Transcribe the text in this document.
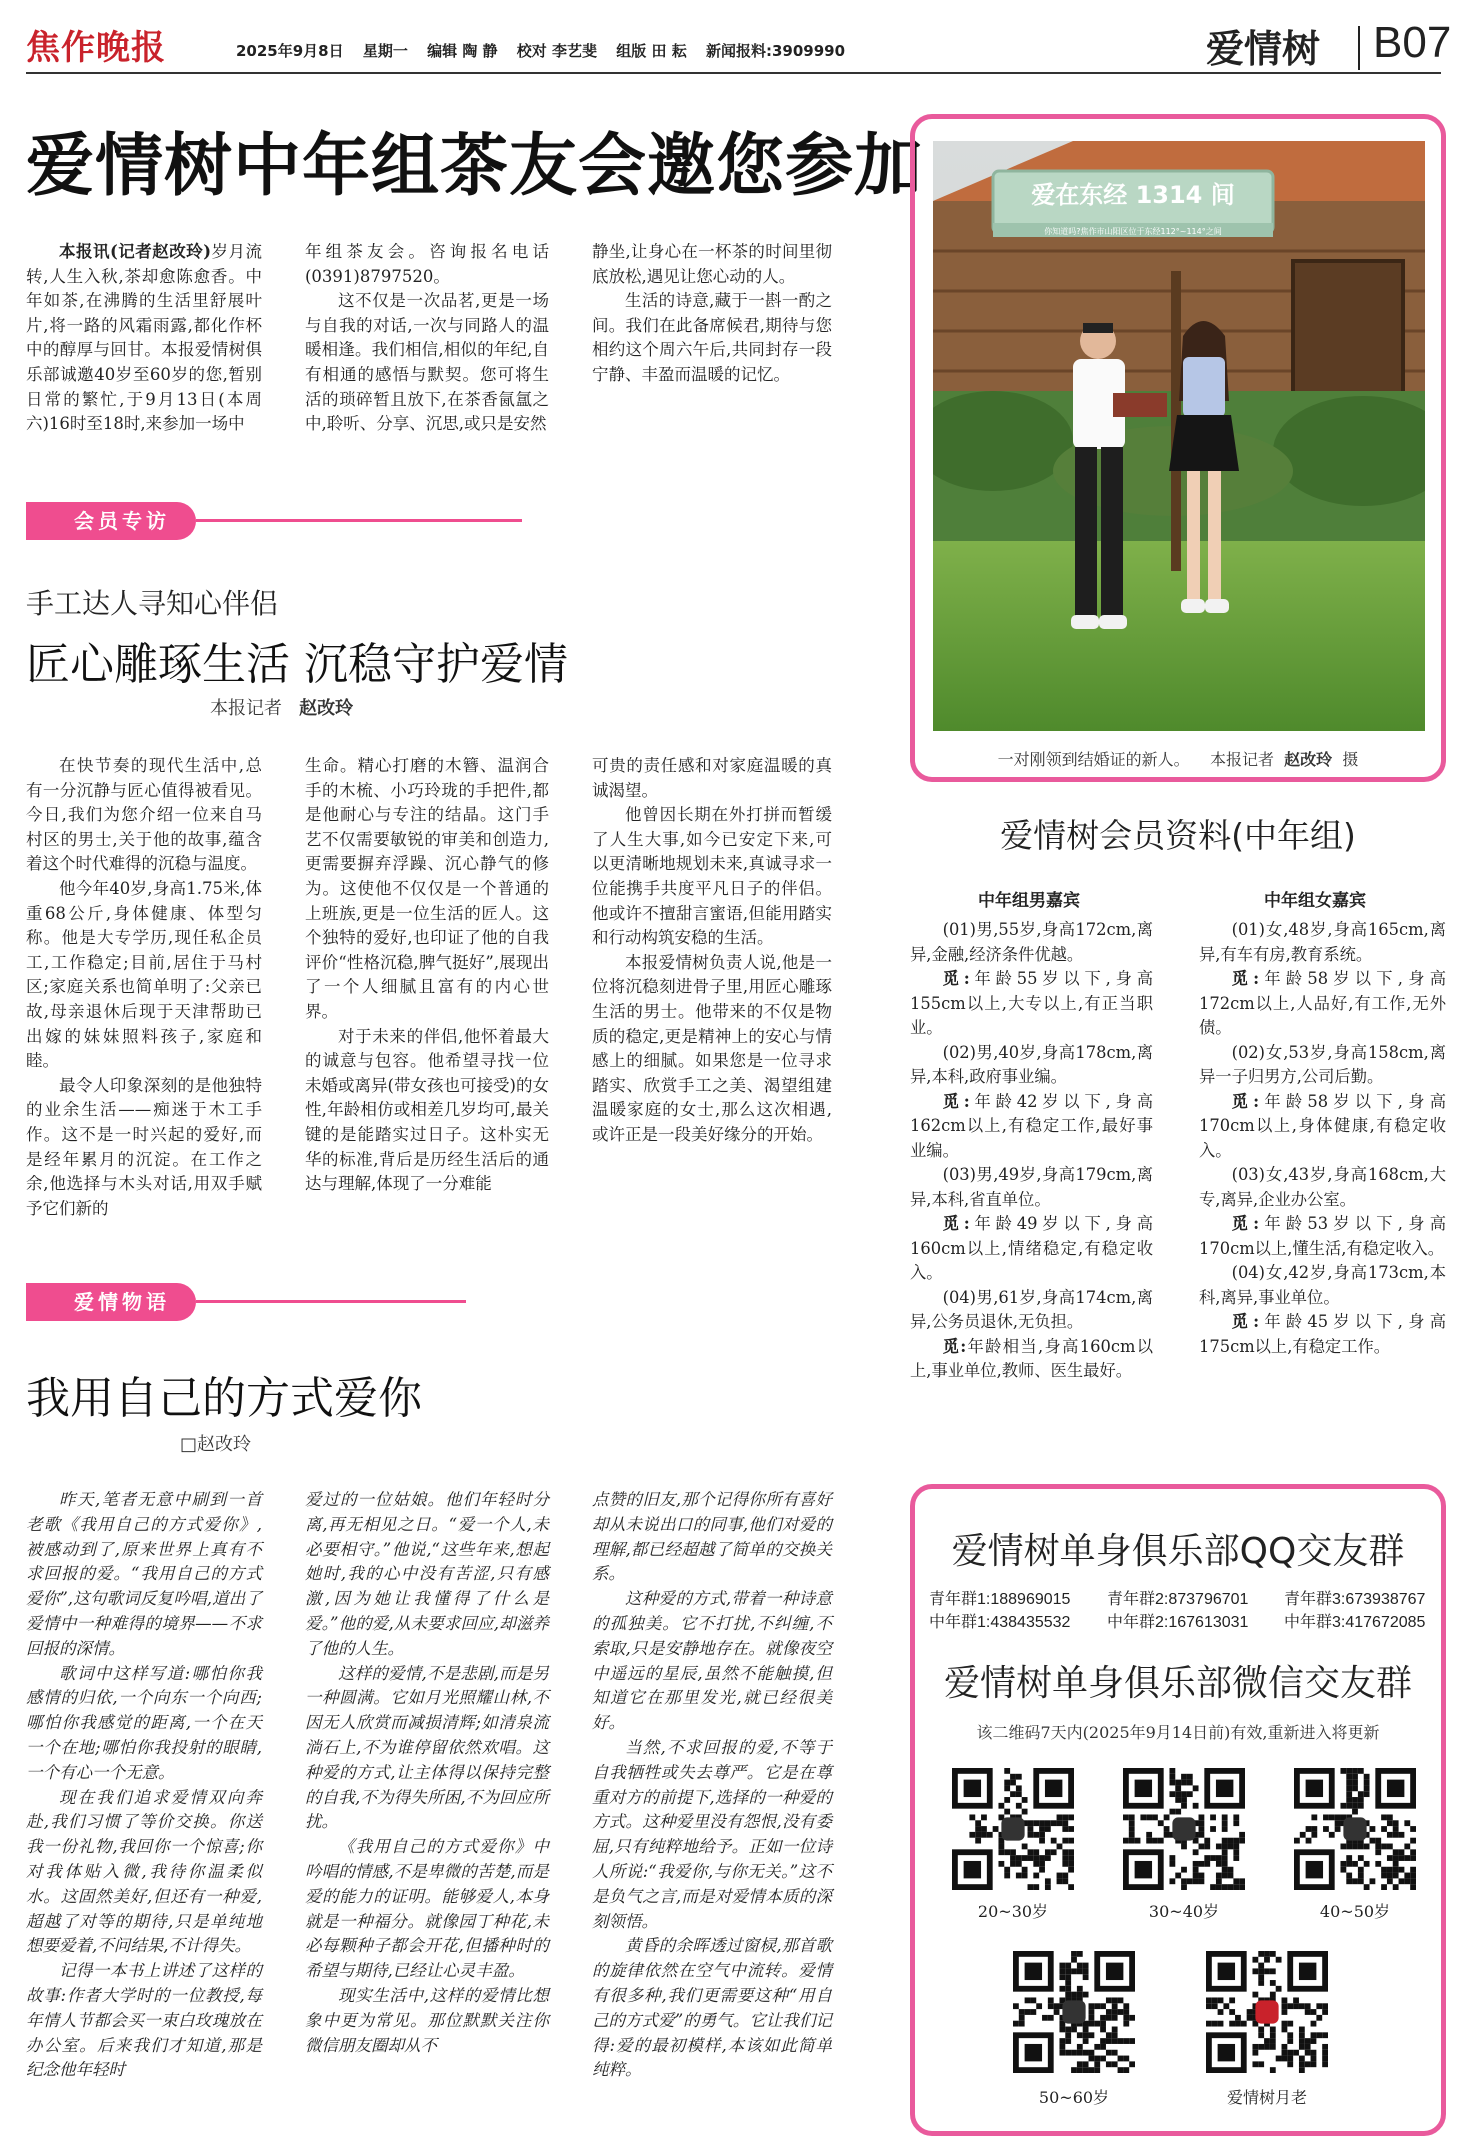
焦作晚报	2025年9月8日 星期一 编辑 陶 静 校对 李艺斐 组版 田 耘 新闻报料:3909990	爱情树 B07
爱情树中年组茶友会邀您参加

本报讯(记者赵改玲)岁月流转,人生入秋,茶却愈陈愈香。中年如茶,在沸腾的生活里舒展叶片,将一路的风霜雨露,都化作杯中的醇厚与回甘。本报爱情树俱乐部诚邀40岁至60岁的您,暂别日常的繁忙,于9月13日(本周六)16时至18时,来参加一场中

年组茶友会。咨询报名电话(0391)8797520。

这不仅是一次品茗,更是一场与自我的对话,一次与同路人的温暖相逢。我们相信,相似的年纪,自有相通的感悟与默契。您可将生活的琐碎暂且放下,在茶香氤氲之中,聆听、分享、沉思,或只是安然

静坐,让身心在一杯茶的时间里彻底放松,遇见让您心动的人。

生活的诗意,藏于一斟一酌之间。我们在此备席候君,期待与您相约这个周六午后,共同封存一段宁静、丰盈而温暖的记忆。

会员专访
手工达人寻知心伴侣
匠心雕琢生活 沉稳守护爱情
本报记者 赵改玲

在快节奏的现代生活中,总有一分沉静与匠心值得被看见。今日,我们为您介绍一位来自马村区的男士,关于他的故事,蕴含着这个时代难得的沉稳与温度。

他今年40岁,身高1.75米,体重68公斤,身体健康、体型匀称。他是大专学历,现任私企员工,工作稳定;目前,居住于马村区;家庭关系也简单明了:父亲已故,母亲退休后现于天津帮助已出嫁的妹妹照料孩子,家庭和睦。

最令人印象深刻的是他独特的业余生活——痴迷于木工手作。这不是一时兴起的爱好,而是经年累月的沉淀。在工作之余,他选择与木头对话,用双手赋予它们新的

生命。精心打磨的木簪、温润合手的木梳、小巧玲珑的手把件,都是他耐心与专注的结晶。这门手艺不仅需要敏锐的审美和创造力,更需要摒弃浮躁、沉心静气的修为。这使他不仅仅是一个普通的上班族,更是一位生活的匠人。这个独特的爱好,也印证了他的自我评价“性格沉稳,脾气挺好”,展现出了一个人细腻且富有的内心世界。

对于未来的伴侣,他怀着最大的诚意与包容。他希望寻找一位未婚或离异(带女孩也可接受)的女性,年龄相仿或相差几岁均可,最关键的是能踏实过日子。这朴实无华的标准,背后是历经生活后的通达与理解,体现了一分难能

可贵的责任感和对家庭温暖的真诚渴望。

他曾因长期在外打拼而暂缓了人生大事,如今已安定下来,可以更清晰地规划未来,真诚寻求一位能携手共度平凡日子的伴侣。他或许不擅甜言蜜语,但能用踏实和行动构筑安稳的生活。

本报爱情树负责人说,他是一位将沉稳刻进骨子里,用匠心雕琢生活的男士。他带来的不仅是物质的稳定,更是精神上的安心与情感上的细腻。如果您是一位寻求踏实、欣赏手工之美、渴望组建温暖家庭的女士,那么这次相遇,或许正是一段美好缘分的开始。

爱情物语
我用自己的方式爱你
□赵改玲

昨天,笔者无意中刷到一首老歌《我用自己的方式爱你》,被感动到了,原来世界上真有不求回报的爱。“我用自己的方式爱你”,这句歌词反复吟唱,道出了爱情中一种难得的境界——不求回报的深情。

歌词中这样写道:哪怕你我感情的归依,一个向东一个向西;哪怕你我感觉的距离,一个在天一个在地;哪怕你我投射的眼睛,一个有心一个无意。

现在我们追求爱情双向奔赴,我们习惯了等价交换。你送我一份礼物,我回你一个惊喜;你对我体贴入微,我待你温柔似水。这固然美好,但还有一种爱,超越了对等的期待,只是单纯地想要爱着,不问结果,不计得失。

记得一本书上讲述了这样的故事:作者大学时的一位教授,每年情人节都会买一束白玫瑰放在办公室。后来我们才知道,那是纪念他年轻时

爱过的一位姑娘。他们年轻时分离,再无相见之日。“爱一个人,未必要相守。”他说,“这些年来,想起她时,我的心中没有苦涩,只有感激,因为她让我懂得了什么是爱。”他的爱,从未要求回应,却滋养了他的人生。

这样的爱情,不是悲剧,而是另一种圆满。它如月光照耀山林,不因无人欣赏而减损清辉;如清泉流淌石上,不为谁停留依然欢唱。这种爱的方式,让主体得以保持完整的自我,不为得失所困,不为回应所扰。

《我用自己的方式爱你》中吟唱的情感,不是卑微的苦楚,而是爱的能力的证明。能够爱人,本身就是一种福分。就像园丁种花,未必每颗种子都会开花,但播种时的希望与期待,已经让心灵丰盈。

现实生活中,这样的爱情比想象中更为常见。那位默默关注你微信朋友圈却从不

点赞的旧友,那个记得你所有喜好却从未说出口的同事,他们对爱的理解,都已经超越了简单的交换关系。

这种爱的方式,带着一种诗意的孤独美。它不打扰,不纠缠,不索取,只是安静地存在。就像夜空中遥远的星辰,虽然不能触摸,但知道它在那里发光,就已经很美好。

当然,不求回报的爱,不等于自我牺牲或失去尊严。它是在尊重对方的前提下,选择的一种爱的方式。这种爱里没有怨恨,没有委屈,只有纯粹地给予。正如一位诗人所说:“我爱你,与你无关。”这不是负气之言,而是对爱情本质的深刻领悟。

黄昏的余晖透过窗棂,那首歌的旋律依然在空气中流转。爱情有很多种,我们更需要这种“用自己的方式爱”的勇气。它让我们记得:爱的最初模样,本该如此简单纯粹。

爱在东经 1314 间
你知道吗?焦作市山阳区位于东经112°~114°之间
一对刚领到结婚证的新人。 本报记者 赵改玲 摄
爱情树会员资料(中年组)
中年组男嘉宾	中年组女嘉宾

(01)男,55岁,身高172cm,离异,金融,经济条件优越。

觅:年龄55岁以下,身高155cm以上,大专以上,有正当职业。

(02)男,40岁,身高178cm,离异,本科,政府事业编。

觅:年龄42岁以下,身高162cm以上,有稳定工作,最好事业编。

(03)男,49岁,身高179cm,离异,本科,省直单位。

觅:年龄49岁以下,身高160cm以上,情绪稳定,有稳定收入。

(04)男,61岁,身高174cm,离异,公务员退休,无负担。

觅:年龄相当,身高160cm以上,事业单位,教师、医生最好。

(01)女,48岁,身高165cm,离异,有车有房,教育系统。

觅:年龄58岁以下,身高172cm以上,人品好,有工作,无外债。

(02)女,53岁,身高158cm,离异一子归男方,公司后勤。

觅:年龄58岁以下,身高170cm以上,身体健康,有稳定收入。

(03)女,43岁,身高168cm,大专,离异,企业办公室。

觅:年龄53岁以下,身高170cm以上,懂生活,有稳定收入。

(04)女,42岁,身高173cm,本科,离异,事业单位。

觅:年龄45岁以下,身高175cm以上,有稳定工作。

爱情树单身俱乐部QQ交友群
青年群1:188969015 青年群2:873796701 青年群3:673938767
中年群1:438435532 中年群2:167613031 中年群3:417672085
爱情树单身俱乐部微信交友群
该二维码7天内(2025年9月14日前)有效,重新进入将更新
20~30岁	30~40岁	40~50岁
50~60岁	爱情树月老
